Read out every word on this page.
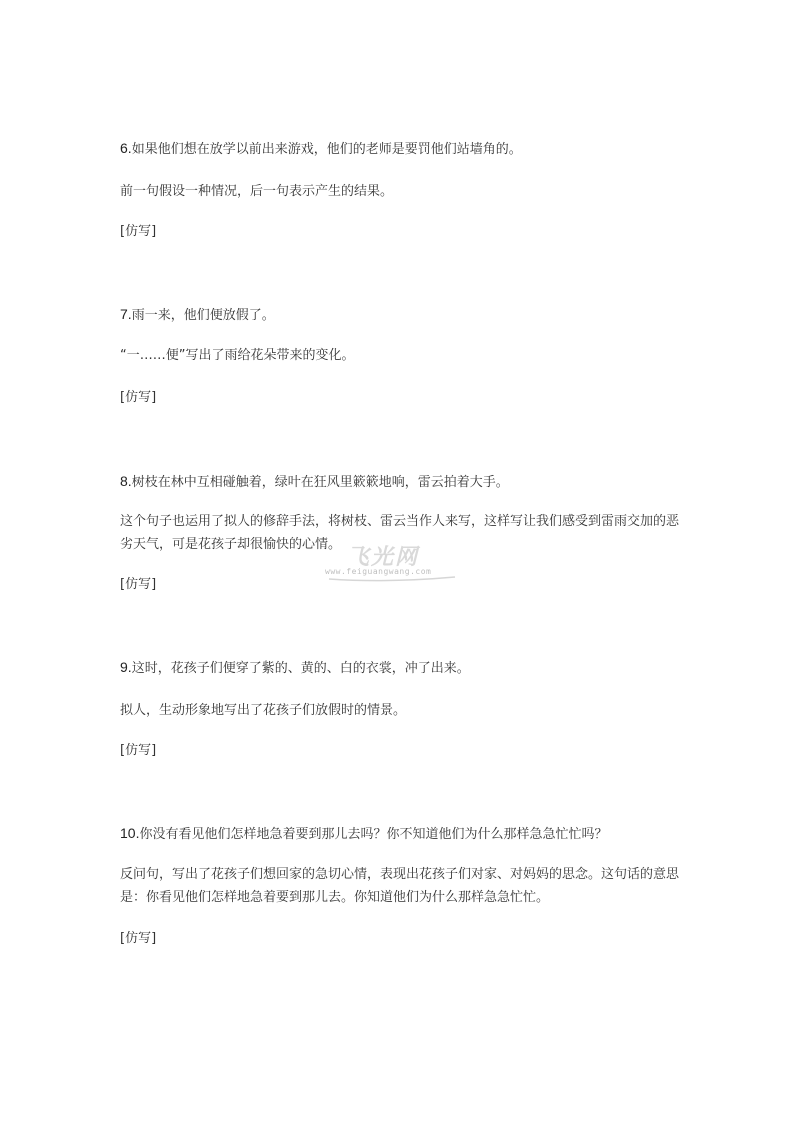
6.如果他们想在放学以前出来游戏，他们的老师是要罚他们站墙角的。
前一句假设一种情况，后一句表示产生的结果。
[仿写]
7.雨一来，他们便放假了。
“一……便”写出了雨给花朵带来的变化。
[仿写]
8.树枝在林中互相碰触着，绿叶在狂风里簌簌地响，雷云拍着大手。
这个句子也运用了拟人的修辞手法，将树枝、雷云当作人来写，这样写让我们感受到雷雨交加的恶劣天气，可是花孩子却很愉快的心情。
[仿写]
9.这时，花孩子们便穿了紫的、黄的、白的衣裳，冲了出来。
拟人，生动形象地写出了花孩子们放假时的情景。
[仿写]
10.你没有看见他们怎样地急着要到那儿去吗？你不知道他们为什么那样急急忙忙吗？
反问句，写出了花孩子们想回家的急切心情，表现出花孩子们对家、对妈妈的思念。这句话的意思是：你看见他们怎样地急着要到那儿去。你知道他们为什么那样急急忙忙。
[仿写]
飞光网
www.feiguangwang.com
